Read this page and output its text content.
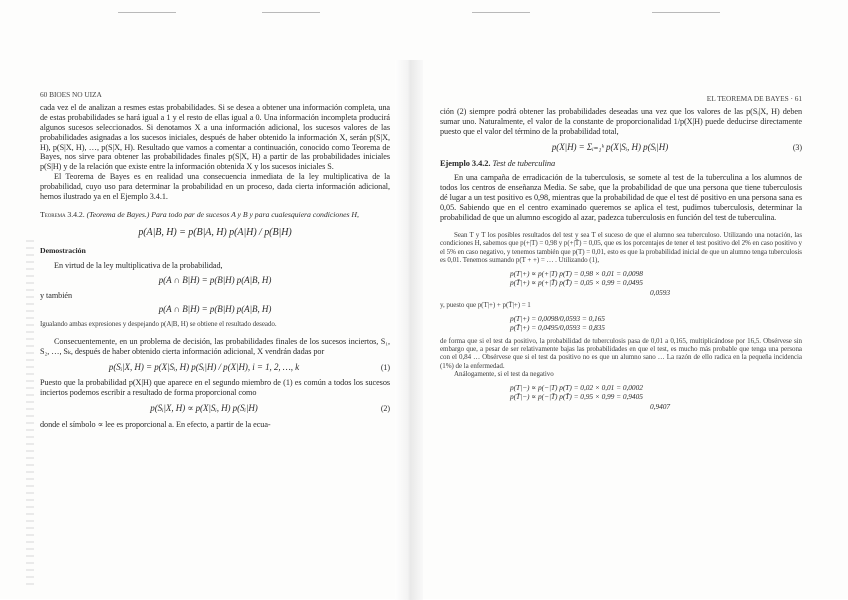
60 BIOES NO UIZA

cada vez el de analizan a resmes estas probabilidades. Si se desea a obtener una información completa, una de estas probabilidades se hará igual a 1 y el resto de ellas igual a 0. Una información incompleta producirá algunos sucesos seleccionados. Si denotamos X a una información adicional, los sucesos valores de las probabilidades asignadas a los sucesos iniciales, después de haber obtenido la información X, serán p(S|X, H), p(S|X, H), …, p(S|X, H). Resultado que vamos a comentar a continuación, conocido como Teorema de Bayes, nos sirve para obtener las probabilidades finales p(S|X, H) a partir de las probabilidades iniciales p(S|H) y de la relación que existe entre la información obtenida X y los sucesos iniciales S.

El Teorema de Bayes es en realidad una consecuencia inmediata de la ley multiplicativa de la probabilidad, cuyo uso para determinar la probabilidad en un proceso, dada cierta información adicional, hemos ilustrado ya en el Ejemplo 3.4.1.

Teorema 3.4.2. (Teorema de Bayes.) Para todo par de sucesos A y B y para cualesquiera condiciones H,

p(A|B, H) = p(B|A, H) p(A|H) / p(B|H)

Demostración

En virtud de la ley multiplicativa de la probabilidad,

p(A ∩ B|H) = p(B|H) p(A|B, H)

y también

p(A ∩ B|H) = p(B|H) p(A|B, H)

Igualando ambas expresiones y despejando p(A|B, H) se obtiene el resultado deseado.

Consecuentemente, en un problema de decisión, las probabilidades finales de los sucesos inciertos, S₁, S₂, …, Sₖ, después de haber obtenido cierta información adicional, X vendrán dadas por

p(Sᵢ|X, H) = p(X|Sᵢ, H) p(Sᵢ|H) / p(X|H), i = 1, 2, …, k	(1)

Puesto que la probabilidad p(X|H) que aparece en el segundo miembro de (1) es común a todos los sucesos inciertos podemos escribir a resultado de forma proporcional como

p(Sᵢ|X, H) ∝ p(X|Sᵢ, H) p(Sᵢ|H)	(2)

donde el símbolo ∝ lee es proporcional a. En efecto, a partir de la ecua-

EL TEOREMA DE BAYES · 61

ción (2) siempre podrá obtener las probabilidades deseadas una vez que los valores de las p(Sᵢ|X, H) deben sumar uno. Naturalmente, el valor de la constante de proporcionalidad 1/p(X|H) puede deducirse directamente puesto que el valor del término de la probabilidad total,

p(X|H) = Σᵢ₌₁ᵏ p(X|Sᵢ, H) p(Sᵢ|H)	(3)

Ejemplo 3.4.2. Test de tuberculina

En una campaña de erradicación de la tuberculosis, se somete al test de la tuberculina a los alumnos de todos los centros de enseñanza Media. Se sabe, que la probabilidad de que una persona que tiene tuberculosis dé lugar a un test positivo es 0,98, mientras que la probabilidad de que el test dé positivo en una persona sana es 0,05. Sabiendo que en el centro examinado queremos se aplica el test, pudimos tuberculosis, determinar la probabilidad de que un alumno escogido al azar, padezca tuberculosis en función del test de tuberculina.

Sean T y T los posibles resultados del test y sea T el suceso de que el alumno sea tuberculoso. Utilizando una notación, las condiciones H, sabemos que p(+|T) = 0,98 y p(+|T̄) = 0,05, que es los porcentajes de tener el test positivo del 2% en caso positivo y el 5% en caso negativo, y tenemos también que p(T) = 0,01, esto es que la probabilidad inicial de que un alumno tenga tuberculosis es 0,01. Tenemos sumando p(T + +) = … . Utilizando (1),

p(T|+) ∝ p(+|T) p(T) = 0,98 × 0,01 = 0,0098
p(T̄|+) ∝ p(+|T̄) p(T̄) = 0,05 × 0,99 = 0,0495
0,0593

y, puesto que p(T|+) + p(T̄|+) = 1

p(T|+) = 0,0098/0,0593 = 0,165
p(T̄|+) = 0,0495/0,0593 = 0,835

de forma que si el test da positivo, la probabilidad de tuberculosis pasa de 0,01 a 0,165, multiplicándose por 16,5. Obsérvese sin embargo que, a pesar de ser relativamente bajas las probabilidades en que el test, es mucho más probable que tenga una persona con el 0,84 … Obsérvese que si el test da positivo no es que un alumno sano … La razón de ello radica en la pequeña incidencia (1%) de la enfermedad.

Análogamente, si el test da negativo

p(T|−) ∝ p(−|T) p(T) = 0,02 × 0,01 = 0,0002
p(T̄|−) ∝ p(−|T̄) p(T̄) = 0,95 × 0,99 = 0,9405
0,9407
